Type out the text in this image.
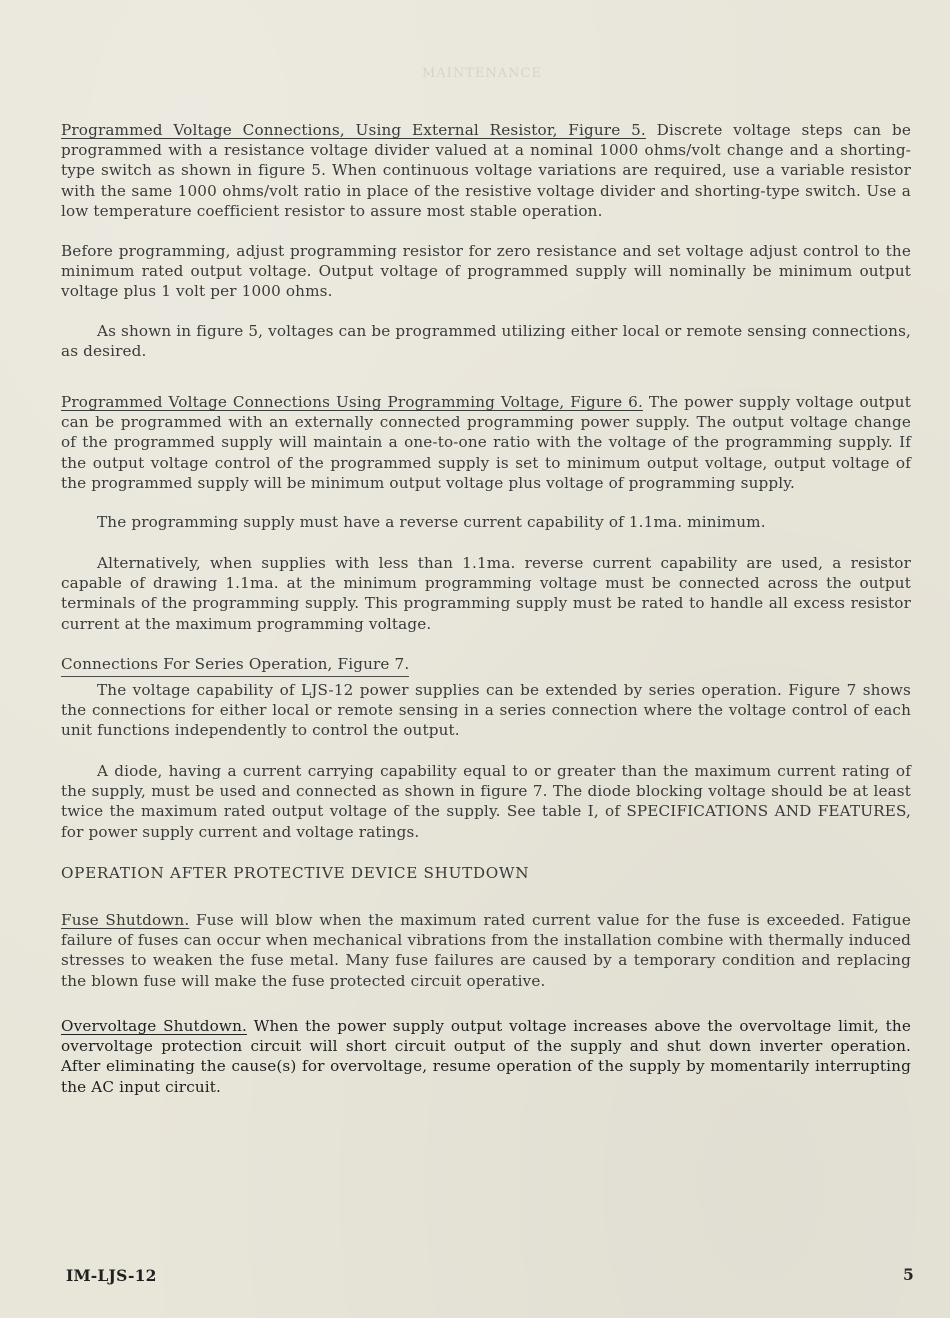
MAINTENANCE

Programmed Voltage Connections, Using External Resistor, Figure 5. Discrete voltage steps can be programmed with a resistance voltage divider valued at a nominal 1000 ohms/volt change and a shorting-type switch as shown in figure 5. When continuous voltage variations are required, use a variable resistor with the same 1000 ohms/volt ratio in place of the resistive voltage divider and shorting-type switch. Use a low temperature coefficient resistor to assure most stable operation.

Before programming, adjust programming resistor for zero resistance and set voltage adjust control to the minimum rated output voltage. Output voltage of programmed supply will nominally be minimum output voltage plus 1 volt per 1000 ohms.

As shown in figure 5, voltages can be programmed utilizing either local or remote sensing connections, as desired.

Programmed Voltage Connections Using Programming Voltage, Figure 6. The power supply voltage output can be programmed with an externally connected programming power supply. The output voltage change of the programmed supply will maintain a one-to-one ratio with the voltage of the programming supply. If the output voltage control of the programmed supply is set to minimum output voltage, output voltage of the programmed supply will be minimum output voltage plus voltage of programming supply.

The programming supply must have a reverse current capability of 1.1ma. minimum.

Alternatively, when supplies with less than 1.1ma. reverse current capability are used, a resistor capable of drawing 1.1ma. at the minimum programming voltage must be connected across the output terminals of the programming supply. This programming supply must be rated to handle all excess resistor current at the maximum programming voltage.

Connections For Series Operation, Figure 7.

The voltage capability of LJS-12 power supplies can be extended by series operation. Figure 7 shows the connections for either local or remote sensing in a series connection where the voltage control of each unit functions independently to control the output.

A diode, having a current carrying capability equal to or greater than the maximum current rating of the supply, must be used and connected as shown in figure 7. The diode blocking voltage should be at least twice the maximum rated output voltage of the supply. See table I, of SPECIFICATIONS AND FEATURES, for power supply current and voltage ratings.

OPERATION AFTER PROTECTIVE DEVICE SHUTDOWN

Fuse Shutdown. Fuse will blow when the maximum rated current value for the fuse is exceeded. Fatigue failure of fuses can occur when mechanical vibrations from the installation combine with thermally induced stresses to weaken the fuse metal. Many fuse failures are caused by a temporary condition and replacing the blown fuse will make the fuse protected circuit operative.

Overvoltage Shutdown. When the power supply output voltage increases above the overvoltage limit, the overvoltage protection circuit will short circuit output of the supply and shut down inverter operation. After eliminating the cause(s) for overvoltage, resume operation of the supply by momentarily interrupting the AC input circuit.

IM-LJS-12	5
